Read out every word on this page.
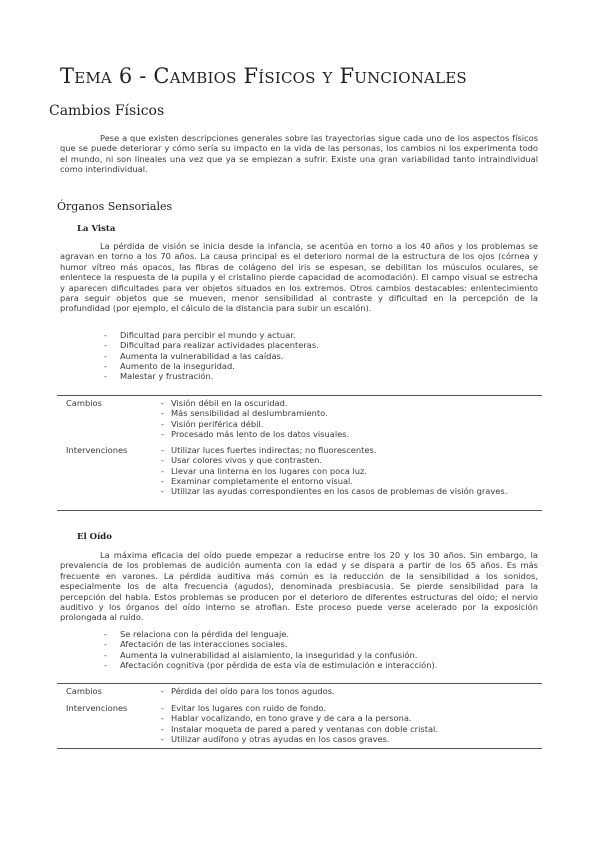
Tema 6 - Cambios Físicos y Funcionales
Cambios Físicos

Pese a que existen descripciones generales sobre las trayectorias sigue cada uno de los aspectos físicos que se puede deteriorar y cómo sería su impacto en la vida de las personas, los cambios ni los experimenta todo el mundo, ni son lineales una vez que ya se empiezan a sufrir. Existe una gran variabilidad tanto intraindividual como interindividual.

Órganos Sensoriales
La Vista

La pérdida de visión se inicia desde la infancia, se acentúa en torno a los 40 años y los problemas se agravan en torno a los 70 años. La causa principal es el deterioro normal de la estructura de los ojos (córnea y humor vítreo más opacos, las fibras de colágeno del iris se espesan, se debilitan los músculos oculares, se enlentece la respuesta de la pupila y el cristalino pierde capacidad de acomodación). El campo visual se estrecha y aparecen dificultades para ver objetos situados en los extremos. Otros cambios destacables: enlentecimiento para seguir objetos que se mueven, menor sensibilidad al contraste y dificultad en la percepción de la profundidad (por ejemplo, el cálculo de la distancia para subir un escalón).

- Dificultad para percibir el mundo y actuar.
- Dificultad para realizar actividades placenteras.
- Aumenta la vulnerabilidad a las caídas.
- Aumento de la inseguridad.
- Malestar y frustración.
Cambios	- Visión débil en la oscuridad.
- Más sensibilidad al deslumbramiento.
- Visión periférica débil.
- Procesado más lento de los datos visuales.
Intervenciones	- Utilizar luces fuertes indirectas; no fluorescentes.
- Usar colores vivos y que contrasten.
- Llevar una linterna en los lugares con poca luz.
- Examinar completamente el entorno visual.
- Utilizar las ayudas correspondientes en los casos de problemas de visión graves.
El Oído

La máxima eficacia del oído puede empezar a reducirse entre los 20 y los 30 años. Sin embargo, la prevalencia de los problemas de audición aumenta con la edad y se dispara a partir de los 65 años. Es más frecuente en varones. La pérdida auditiva más común es la reducción de la sensibilidad a los sonidos, especialmente los de alta frecuencia (agudos), denominada presbiacusia. Se pierde sensibilidad para la percepción del habla. Estos problemas se producen por el deterioro de diferentes estructuras del oído; el nervio auditivo y los órganos del oído interno se atrofian. Este proceso puede verse acelerado por la exposición prolongada al ruido.

- Se relaciona con la pérdida del lenguaje.
- Afectación de las interacciones sociales.
- Aumenta la vulnerabilidad al aislamiento, la inseguridad y la confusión.
- Afectación cognitiva (por pérdida de esta vía de estimulación e interacción).
Cambios	- Pérdida del oído para los tonos agudos.
Intervenciones	- Evitar los lugares con ruido de fondo.
- Hablar vocalizando, en tono grave y de cara a la persona.
- Instalar moqueta de pared a pared y ventanas con doble cristal.
- Utilizar audífono y otras ayudas en los casos graves.
